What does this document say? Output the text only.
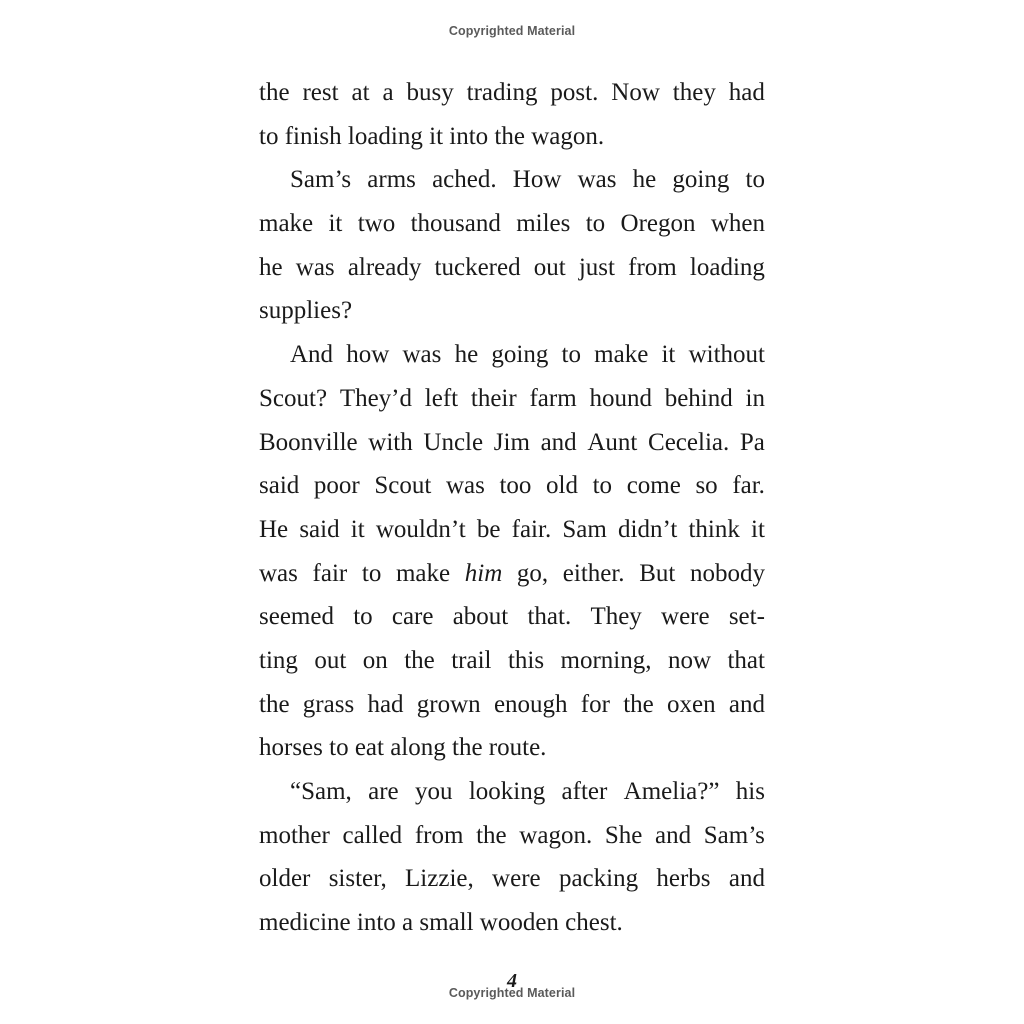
Copyrighted Material
the rest at a busy trading post. Now they had
to finish loading it into the wagon.
Sam’s arms ached. How was he going to
make it two thousand miles to Oregon when
he was already tuckered out just from loading
supplies?
And how was he going to make it without
Scout? They’d left their farm hound behind in
Boonville with Uncle Jim and Aunt Cecelia. Pa
said poor Scout was too old to come so far.
He said it wouldn’t be fair. Sam didn’t think it
was fair to make him go, either. But nobody
seemed to care about that. They were set-
ting out on the trail this morning, now that
the grass had grown enough for the oxen and
horses to eat along the route.
“Sam, are you looking after Amelia?” his
mother called from the wagon. She and Sam’s
older sister, Lizzie, were packing herbs and
medicine into a small wooden chest.
4
Copyrighted Material
